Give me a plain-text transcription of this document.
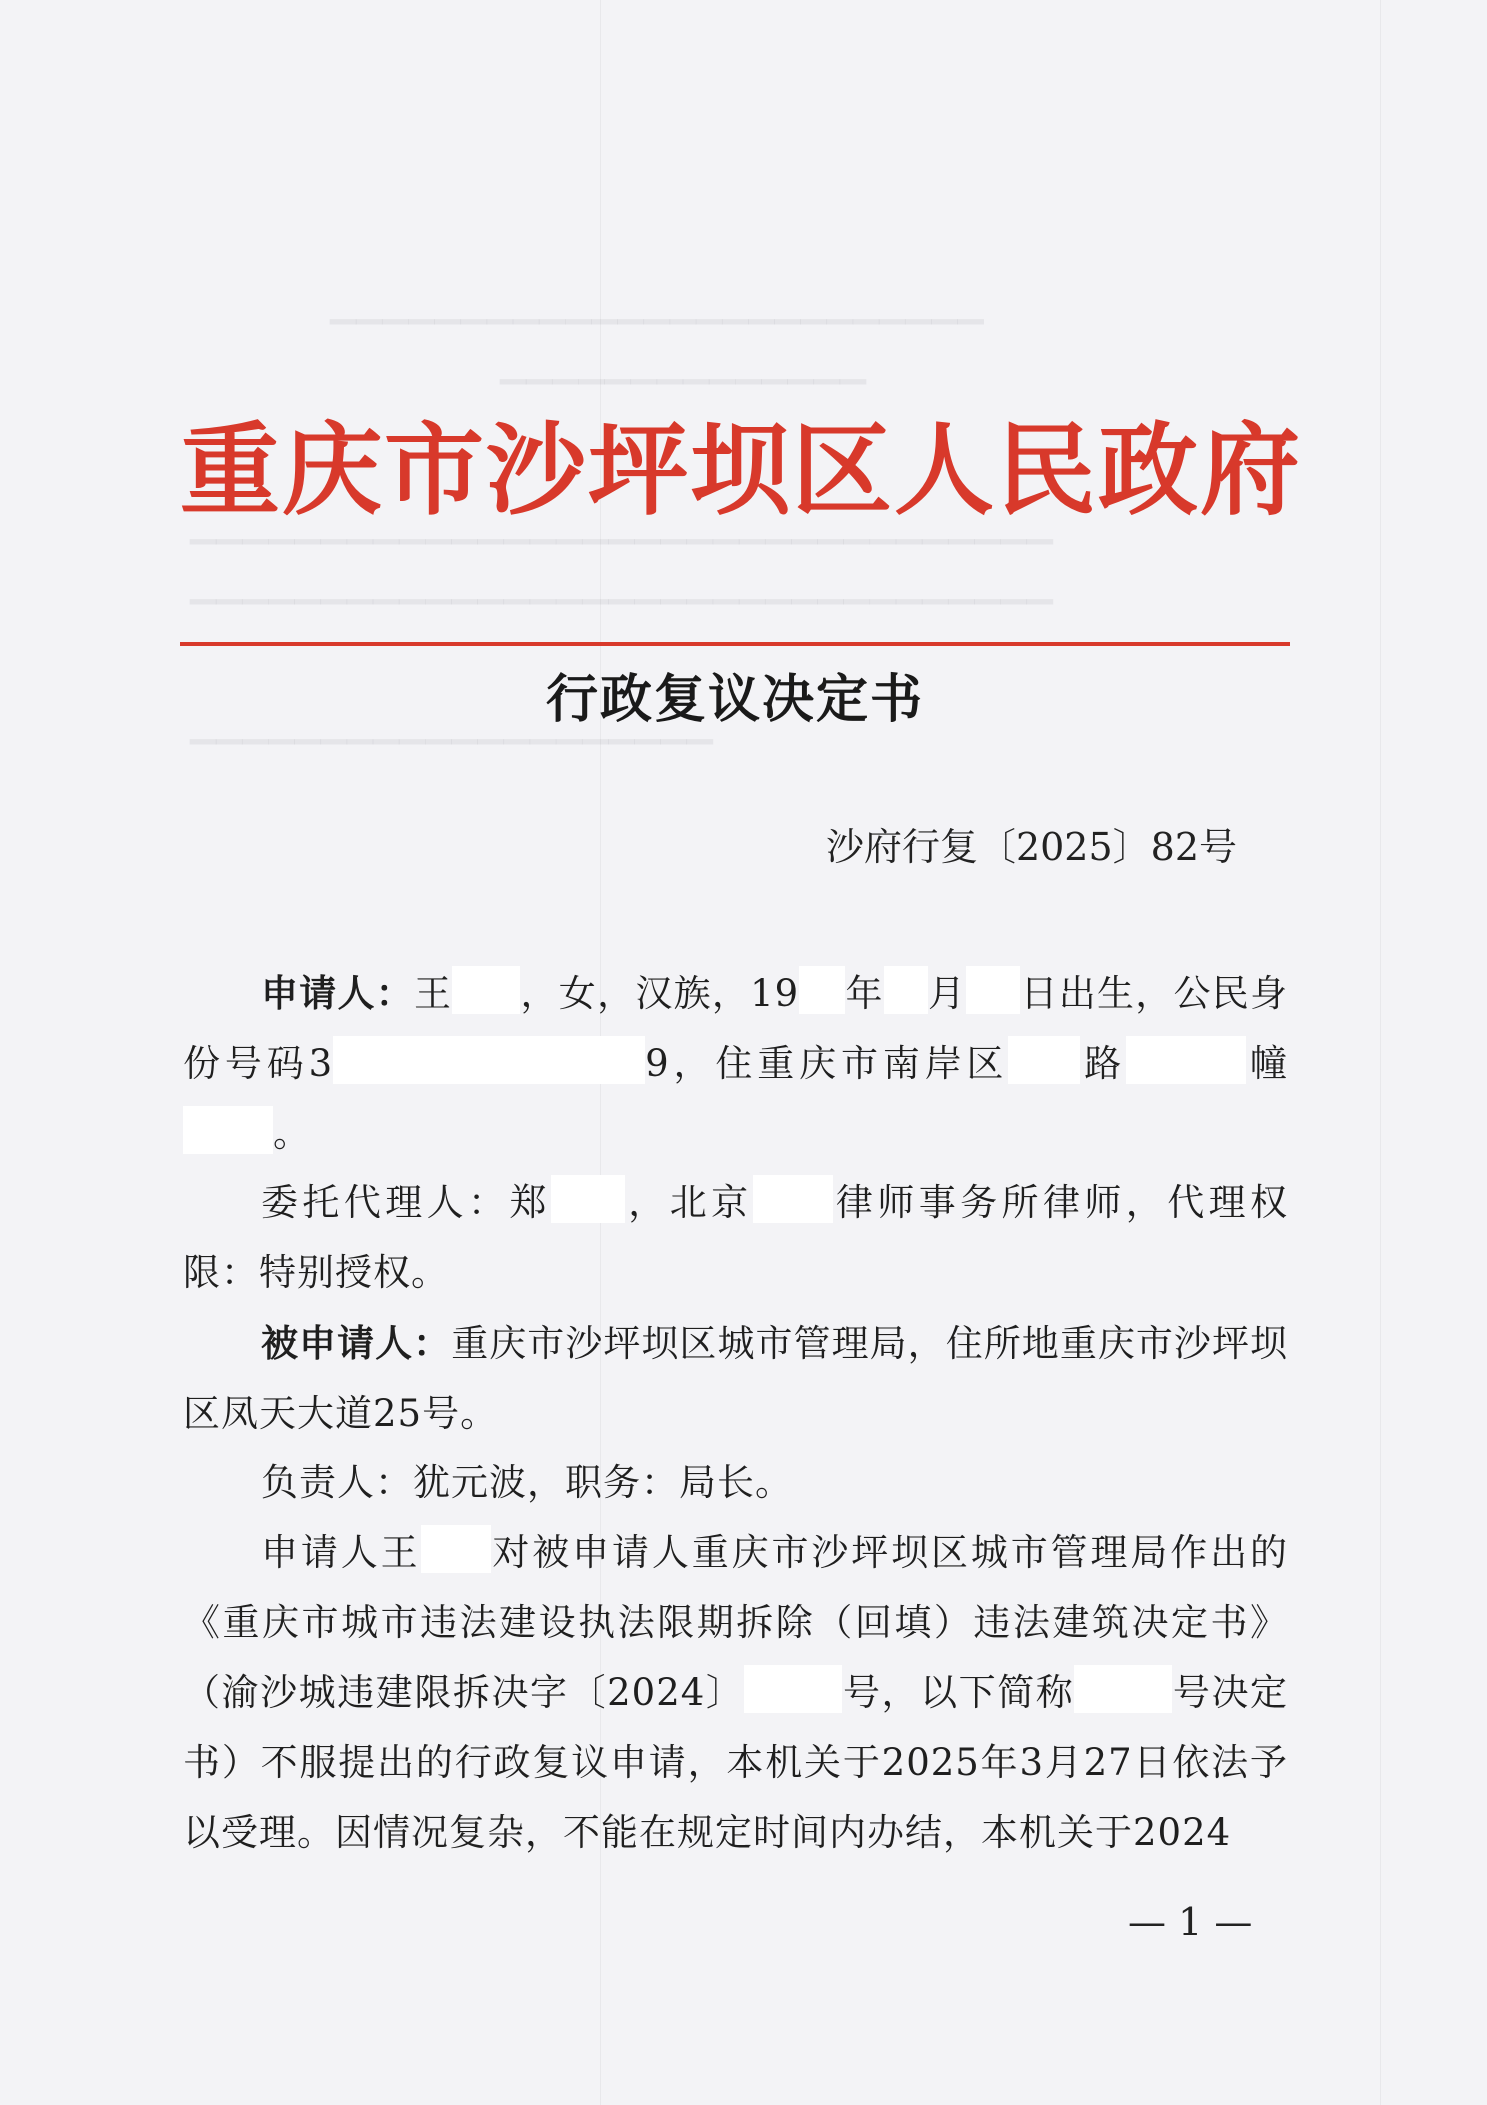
▔▔▔▔▔▔▔▔▔▔▔▔▔▔▔▔▔▔▔▔▔▔▔▔▔
▔▔▔▔▔▔▔▔▔▔▔▔▔▔
▔▔▔▔▔▔▔▔▔▔▔▔▔▔▔▔▔▔▔▔▔▔▔▔▔▔▔▔▔▔▔▔▔
▔▔▔▔▔▔▔▔▔▔▔▔▔▔▔▔▔▔▔▔▔▔▔▔▔▔▔▔▔▔▔▔▔
▔▔▔▔▔▔▔▔▔▔▔▔▔▔▔▔▔▔▔▔
重庆市沙坪坝区人民政府
行政复议决定书
沙府行复〔2025〕82号

申请人：王 ，女，汉族，19 年 月 日出生，公民身份号码3	9，住重庆市南岸区 路	幢。

委托代理人：郑 ，北京 律师事务所律师，代理权限：特别授权。

被申请人：重庆市沙坪坝区城市管理局，住所地重庆市沙坪坝区凤天大道25号。

负责人：犹元波，职务：局长。

申请人王 对被申请人重庆市沙坪坝区城市管理局作出的《重庆市城市违法建设执法限期拆除（回填）违法建筑决定书》（渝沙城违建限拆决字〔2024〕	号，以下简称	号决定书）不服提出的行政复议申请，本机关于2025年3月27日依法予以受理。因情况复杂，不能在规定时间内办结，本机关于2024

— 1 —
